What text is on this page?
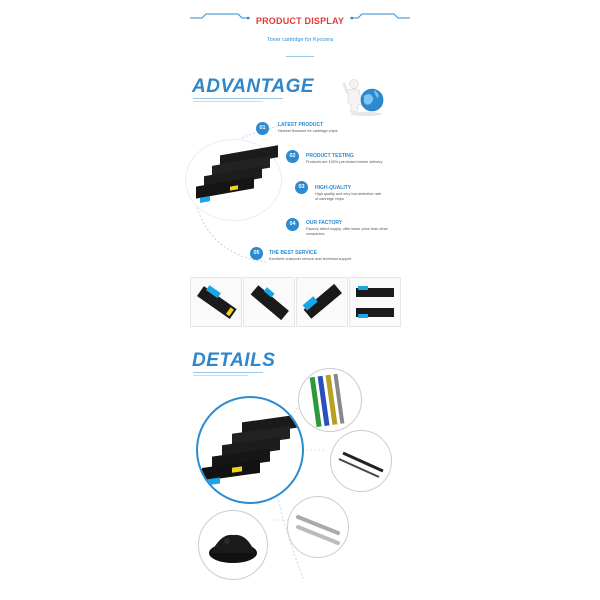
PRODUCT DISPLAY
Toner cartridge for Kyocera
ADVANTAGE
01	LATEST PRODUCT
Newest firmware for cartridge chips
02	PRODUCT TESTING
Products are 100% pre-tested before delivery
03	HIGH-QUALITY
High quality and very low defective rate of cartridge chips
04	OUR FACTORY
Factory direct supply, offer lower price than other companies
05	THE BEST SERVICE
Excellent customer service and technical support
DETAILS
